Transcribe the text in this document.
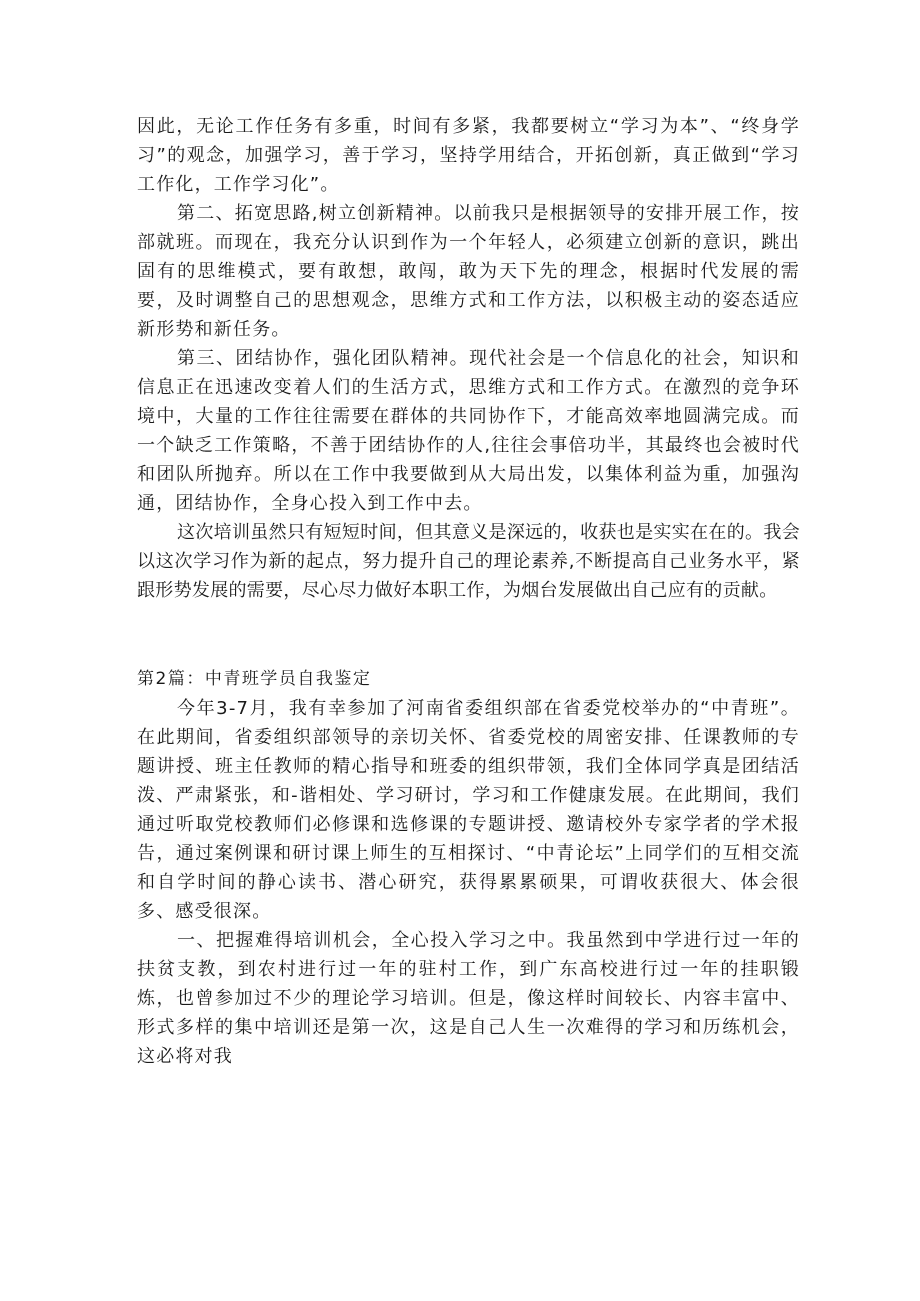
因此，无论工作任务有多重，时间有多紧，我都要树立“学习为本”、“终身学习”的观念，加强学习，善于学习，坚持学用结合，开拓创新，真正做到“学习工作化，工作学习化”。

第二、拓宽思路,树立创新精神。以前我只是根据领导的安排开展工作，按部就班。而现在，我充分认识到作为一个年轻人，必须建立创新的意识，跳出固有的思维模式，要有敢想，敢闯，敢为天下先的理念，根据时代发展的需要，及时调整自己的思想观念，思维方式和工作方法，以积极主动的姿态适应新形势和新任务。

第三、团结协作，强化团队精神。现代社会是一个信息化的社会，知识和信息正在迅速改变着人们的生活方式，思维方式和工作方式。在激烈的竞争环境中，大量的工作往往需要在群体的共同协作下，才能高效率地圆满完成。而一个缺乏工作策略，不善于团结协作的人,往往会事倍功半，其最终也会被时代和团队所抛弃。所以在工作中我要做到从大局出发，以集体利益为重，加强沟通，团结协作，全身心投入到工作中去。

这次培训虽然只有短短时间，但其意义是深远的，收获也是实实在在的。我会以这次学习作为新的起点，努力提升自己的理论素养,不断提高自己业务水平，紧跟形势发展的需要，尽心尽力做好本职工作，为烟台发展做出自己应有的贡献。

第2篇：中青班学员自我鉴定

今年3-7月，我有幸参加了河南省委组织部在省委党校举办的“中青班”。在此期间，省委组织部领导的亲切关怀、省委党校的周密安排、任课教师的专题讲授、班主任教师的精心指导和班委的组织带领，我们全体同学真是团结活泼、严肃紧张，和-谐相处、学习研讨，学习和工作健康发展。在此期间，我们通过听取党校教师们必修课和选修课的专题讲授、邀请校外专家学者的学术报告，通过案例课和研讨课上师生的互相探讨、“中青论坛”上同学们的互相交流和自学时间的静心读书、潜心研究，获得累累硕果，可谓收获很大、体会很多、感受很深。

一、把握难得培训机会，全心投入学习之中。我虽然到中学进行过一年的扶贫支教，到农村进行过一年的驻村工作，到广东高校进行过一年的挂职锻炼，也曾参加过不少的理论学习培训。但是，像这样时间较长、内容丰富中、形式多样的集中培训还是第一次，这是自己人生一次难得的学习和历练机会，这必将对我
